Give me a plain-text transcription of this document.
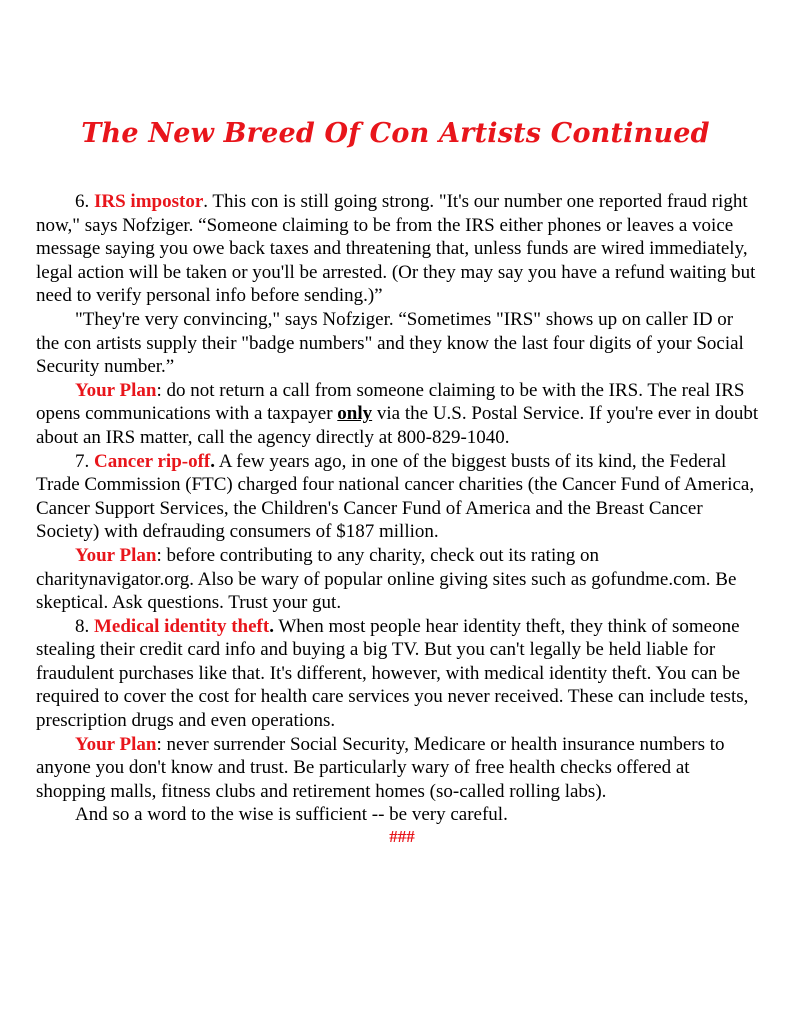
The New Breed Of Con Artists Continued

6. IRS impostor. This con is still going strong. "It's our number one reported fraud right now," says Nofziger. “Someone claiming to be from the IRS either phones or leaves a voice message saying you owe back taxes and threatening that, unless funds are wired immediately, legal action will be taken or you'll be arrested. (Or they may say you have a refund waiting but need to verify personal info before sending.)”

"They're very convincing," says Nofziger. “Sometimes "IRS" shows up on caller ID or the con artists supply their "badge numbers" and they know the last four digits of your Social Security number.”

Your Plan: do not return a call from someone claiming to be with the IRS. The real IRS opens communications with a taxpayer only via the U.S. Postal Service. If you're ever in doubt about an IRS matter, call the agency directly at 800-829-1040.

7. Cancer rip-off. A few years ago, in one of the biggest busts of its kind, the Federal Trade Commission (FTC) charged four national cancer charities (the Cancer Fund of America, Cancer Support Services, the Children's Cancer Fund of America and the Breast Cancer Society) with defrauding consumers of $187 million.

Your Plan: before contributing to any charity, check out its rating on charitynavigator.org. Also be wary of popular online giving sites such as gofundme.com. Be skeptical. Ask questions. Trust your gut.

8. Medical identity theft. When most people hear identity theft, they think of someone stealing their credit card info and buying a big TV. But you can't legally be held liable for fraudulent purchases like that. It's different, however, with medical identity theft. You can be required to cover the cost for health care services you never received. These can include tests, prescription drugs and even operations.

Your Plan: never surrender Social Security, Medicare or health insurance numbers to anyone you don't know and trust. Be particularly wary of free health checks offered at shopping malls, fitness clubs and retirement homes (so-called rolling labs).

And so a word to the wise is sufficient -- be very careful.

###
